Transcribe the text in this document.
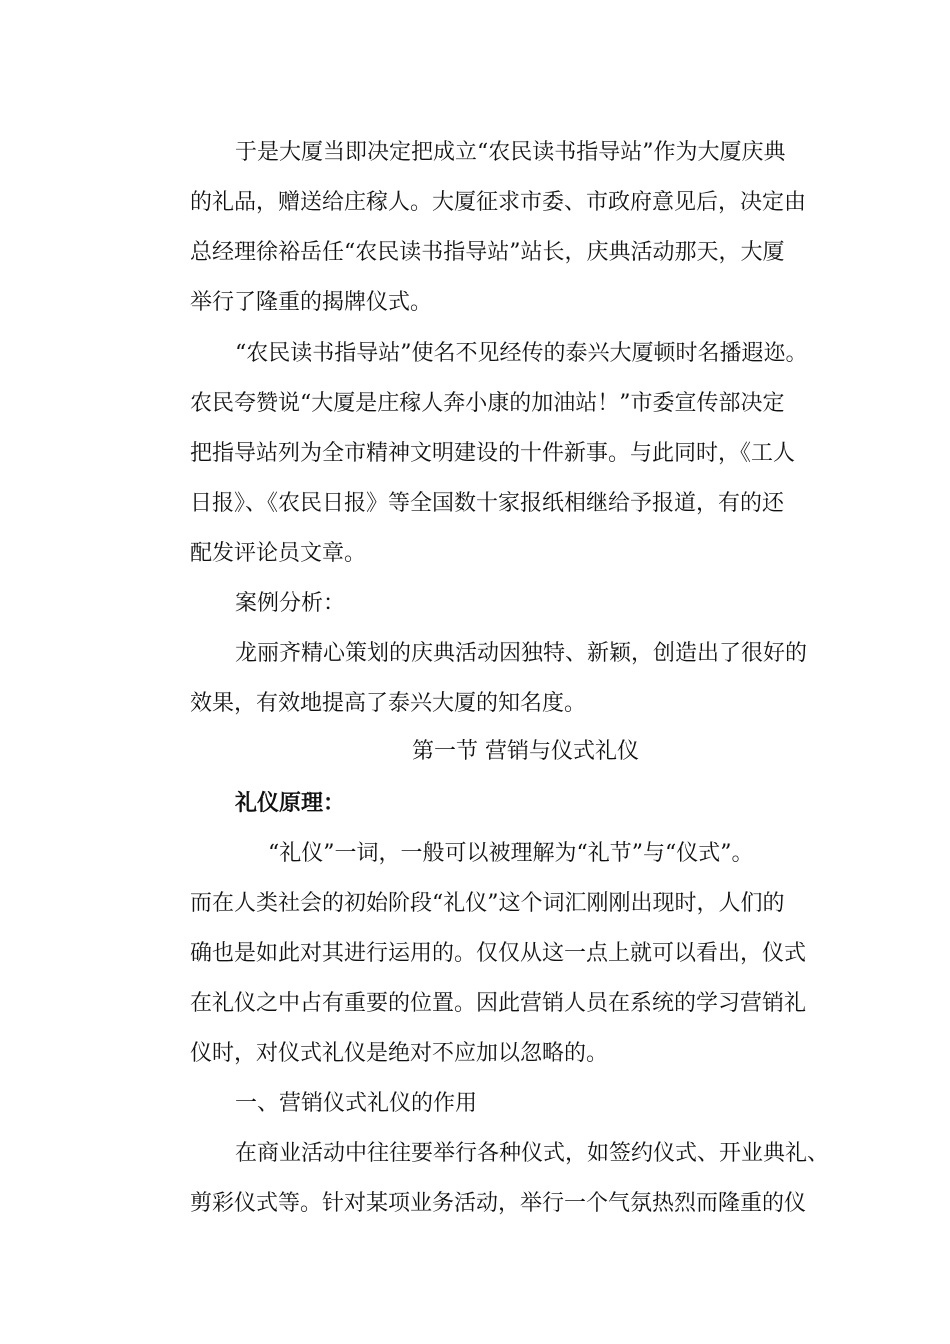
于是大厦当即决定把成立“农民读书指导站”作为大厦庆典
的礼品，赠送给庄稼人。大厦征求市委、市政府意见后，决定由
总经理徐裕岳任“农民读书指导站”站长，庆典活动那天，大厦
举行了隆重的揭牌仪式。
“农民读书指导站”使名不见经传的泰兴大厦顿时名播遐迩。
农民夸赞说“大厦是庄稼人奔小康的加油站！”市委宣传部决定
把指导站列为全市精神文明建设的十件新事。与此同时，《工人
日报》、《农民日报》等全国数十家报纸相继给予报道，有的还
配发评论员文章。
案例分析：
龙丽齐精心策划的庆典活动因独特、新颖，创造出了很好的
效果，有效地提高了泰兴大厦的知名度。
第一节 营销与仪式礼仪
礼仪原理：
“礼仪”一词，一般可以被理解为“礼节”与“仪式”。
而在人类社会的初始阶段“礼仪”这个词汇刚刚出现时，人们的
确也是如此对其进行运用的。仅仅从这一点上就可以看出，仪式
在礼仪之中占有重要的位置。因此营销人员在系统的学习营销礼
仪时，对仪式礼仪是绝对不应加以忽略的。
一、营销仪式礼仪的作用
在商业活动中往往要举行各种仪式，如签约仪式、开业典礼、
剪彩仪式等。针对某项业务活动，举行一个气氛热烈而隆重的仪
